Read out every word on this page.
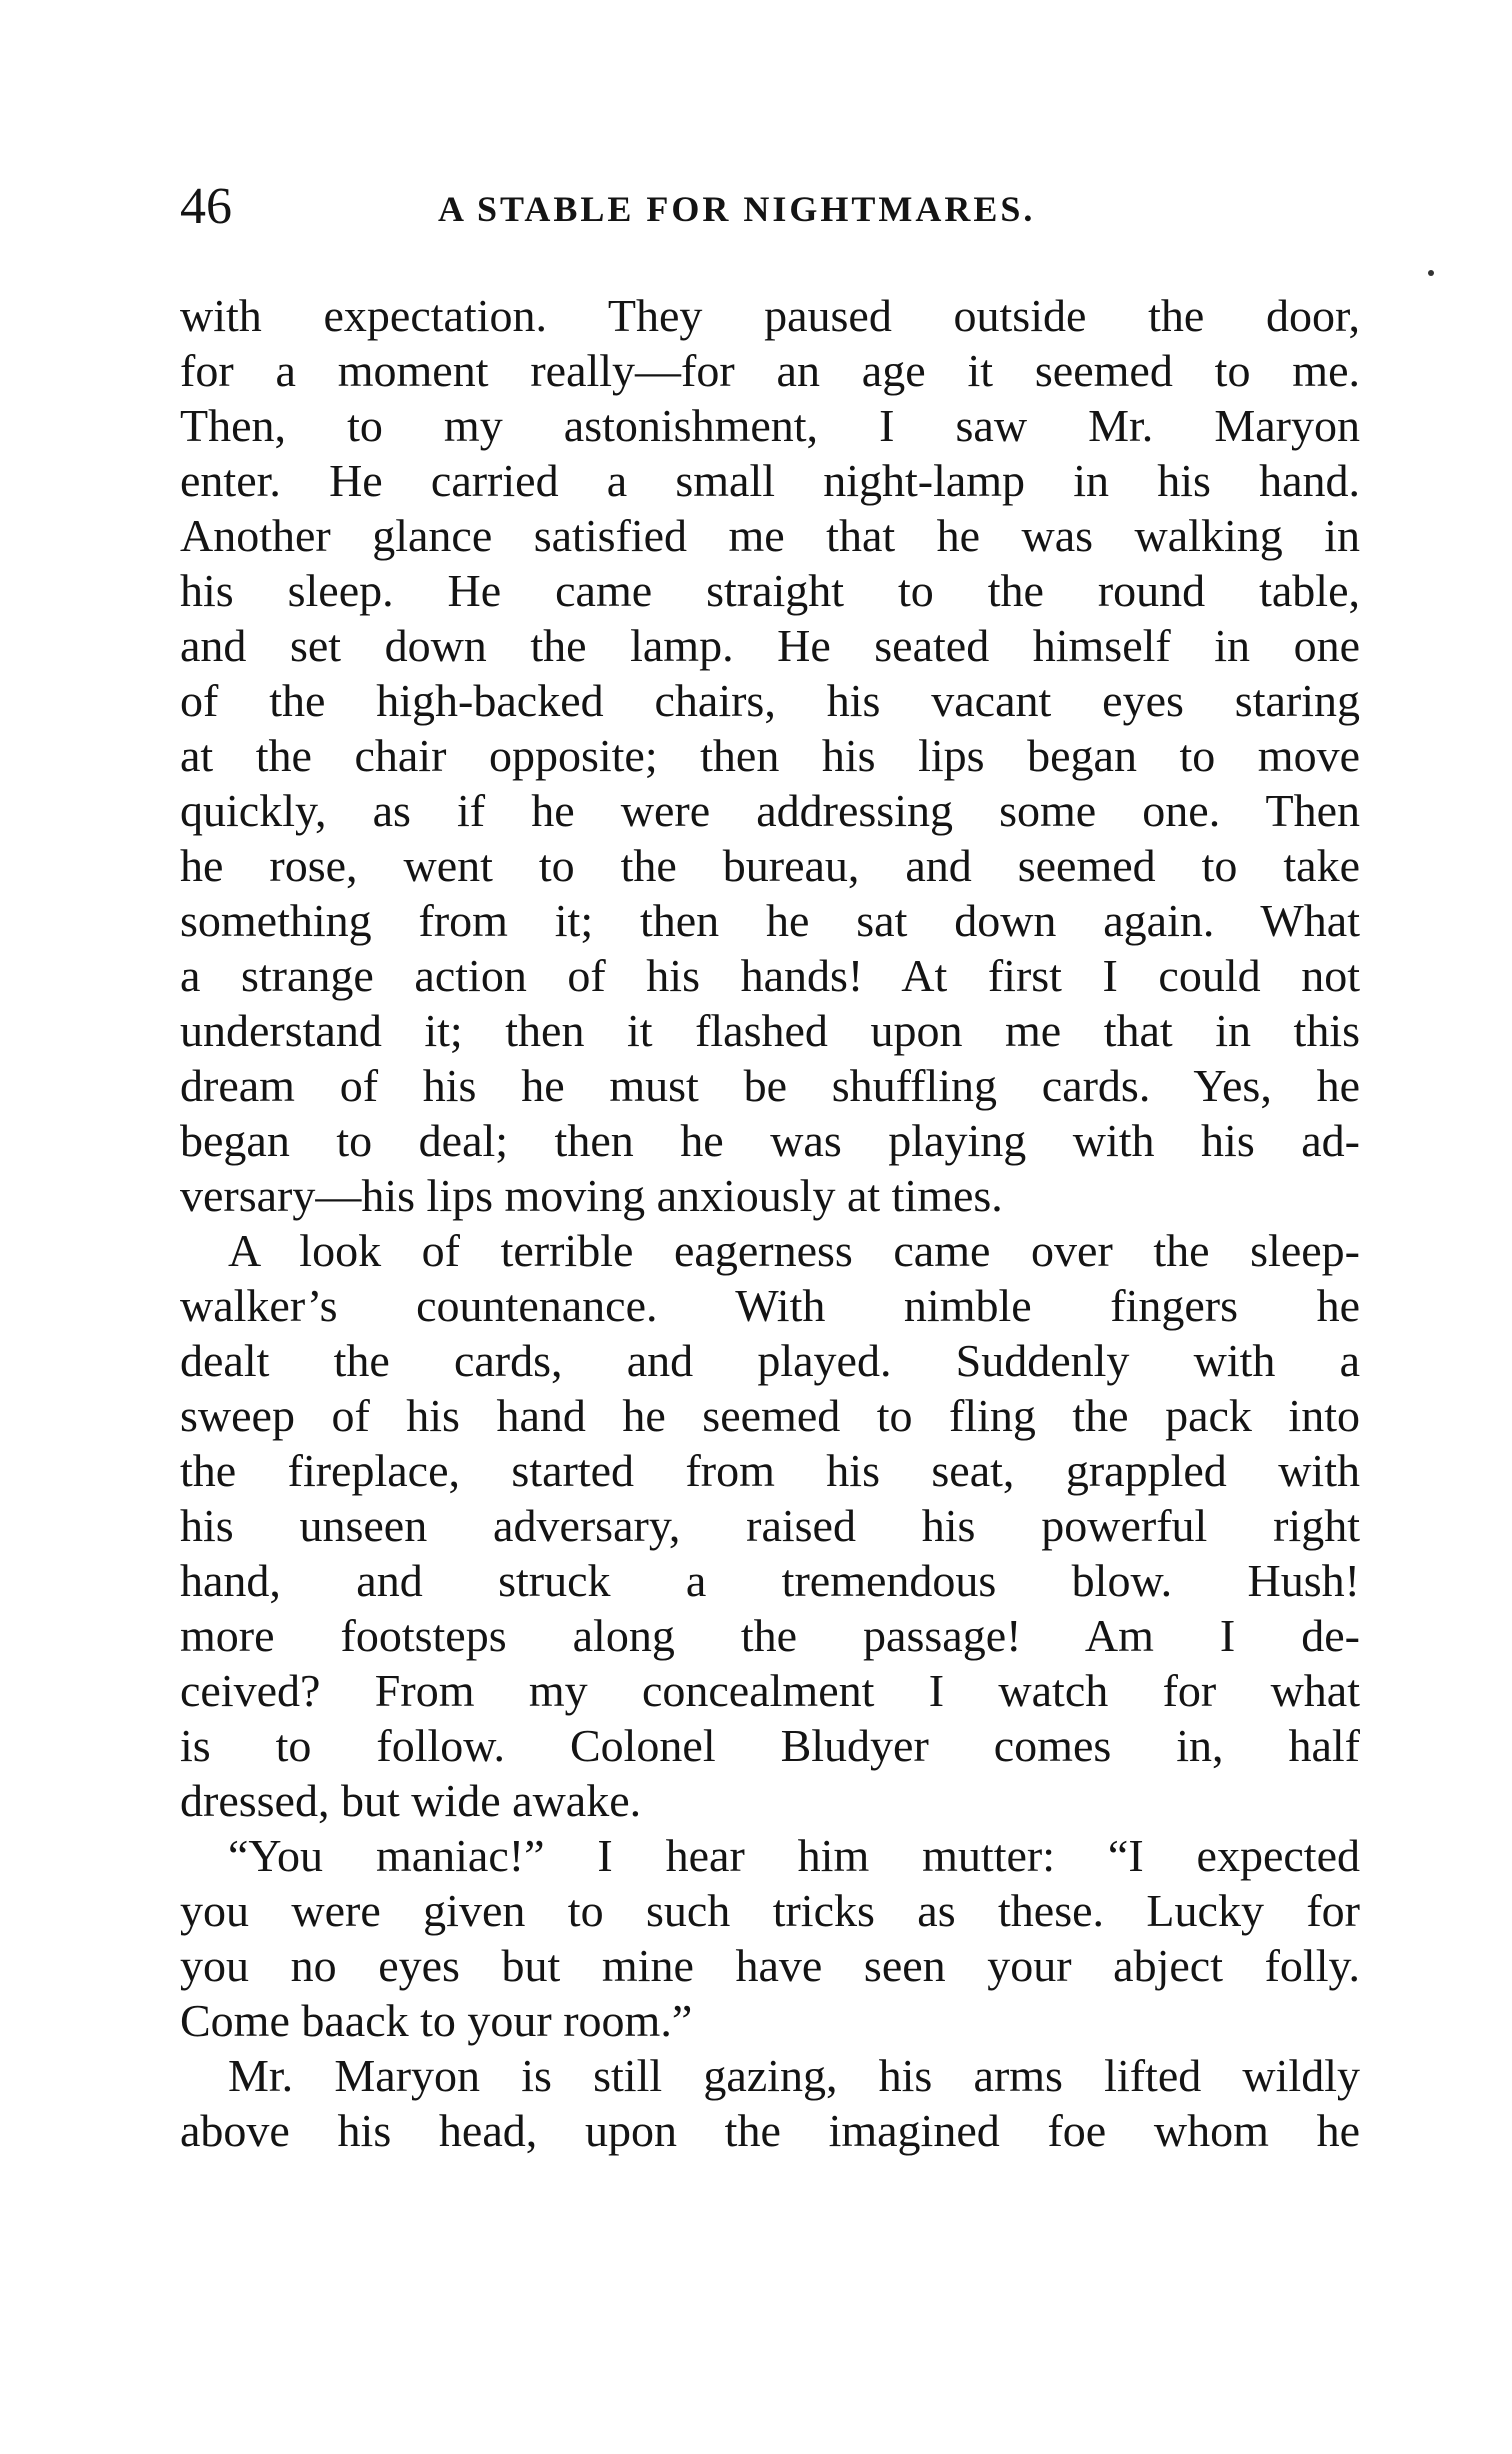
46	A STABLE FOR NIGHTMARES.
with expectation. They paused outside the door,
for a moment really—for an age it seemed to me.
Then, to my astonishment, I saw Mr. Maryon
enter. He carried a small night-lamp in his hand.
Another glance satisfied me that he was walking in
his sleep. He came straight to the round table,
and set down the lamp. He seated himself in one
of the high-backed chairs, his vacant eyes staring
at the chair opposite; then his lips began to move
quickly, as if he were addressing some one. Then
he rose, went to the bureau, and seemed to take
something from it; then he sat down again. What
a strange action of his hands! At first I could not
understand it; then it flashed upon me that in this
dream of his he must be shuffling cards. Yes, he
began to deal; then he was playing with his ad-
versary—his lips moving anxiously at times.
A look of terrible eagerness came over the sleep-
walker’s countenance. With nimble fingers he
dealt the cards, and played. Suddenly with a
sweep of his hand he seemed to fling the pack into
the fireplace, started from his seat, grappled with
his unseen adversary, raised his powerful right
hand, and struck a tremendous blow. Hush!
more footsteps along the passage! Am I de-
ceived? From my concealment I watch for what
is to follow. Colonel Bludyer comes in, half
dressed, but wide awake.
“You maniac!” I hear him mutter: “I expected
you were given to such tricks as these. Lucky for
you no eyes but mine have seen your abject folly.
Come baack to your room.”
Mr. Maryon is still gazing, his arms lifted wildly
above his head, upon the imagined foe whom he
